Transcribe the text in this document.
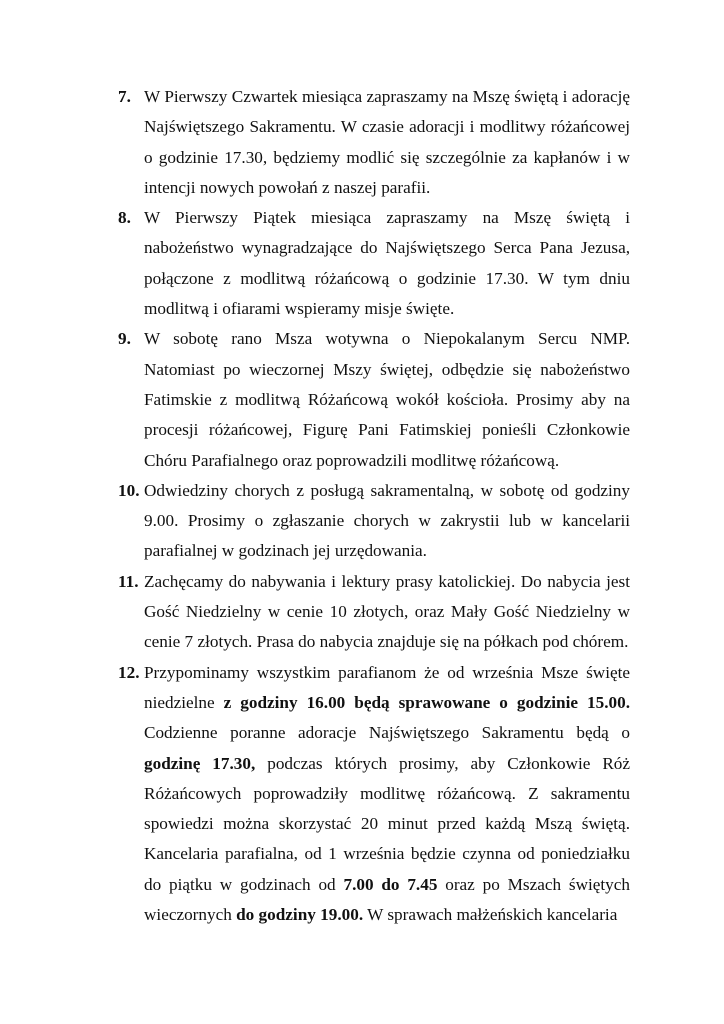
7. W Pierwszy Czwartek miesiąca zapraszamy na Mszę świętą i adorację Najświętszego Sakramentu. W czasie adoracji i modlitwy różańcowej o godzinie 17.30, będziemy modlić się szczególnie za kapłanów i w intencji nowych powołań z naszej parafii.
8. W Pierwszy Piątek miesiąca zapraszamy na Mszę świętą i nabożeństwo wynagradzające do Najświętszego Serca Pana Jezusa, połączone z modlitwą różańcową o godzinie 17.30. W tym dniu modlitwą i ofiarami wspieramy misje święte.
9. W sobotę rano Msza wotywna o Niepokalanym Sercu NMP. Natomiast po wieczornej Mszy świętej, odbędzie się nabożeństwo Fatimskie z modlitwą Różańcową wokół kościoła. Prosimy aby na procesji różańcowej, Figurę Pani Fatimskiej ponieśli Członkowie Chóru Parafialnego oraz poprowadzili modlitwę różańcową.
10. Odwiedziny chorych z posługą sakramentalną, w sobotę od godziny 9.00. Prosimy o zgłaszanie chorych w zakrystii lub w kancelarii parafialnej w godzinach jej urzędowania.
11. Zachęcamy do nabywania i lektury prasy katolickiej. Do nabycia jest Gość Niedzielny w cenie 10 złotych, oraz Mały Gość Niedzielny w cenie 7 złotych. Prasa do nabycia znajduje się na półkach pod chórem.
12. Przypominamy wszystkim parafianom że od września Msze święte niedzielne z godziny 16.00 będą sprawowane o godzinie 15.00. Codzienne poranne adoracje Najświętszego Sakramentu będą o godzinę 17.30, podczas których prosimy, aby Członkowie Róż Różańcowych poprowadziły modlitwę różańcową. Z sakramentu spowiedzi można skorzystać 20 minut przed każdą Mszą świętą. Kancelaria parafialna, od 1 września będzie czynna od poniedziałku do piątku w godzinach od 7.00 do 7.45 oraz po Mszach świętych wieczornych do godziny 19.00. W sprawach małżeńskich kancelaria
